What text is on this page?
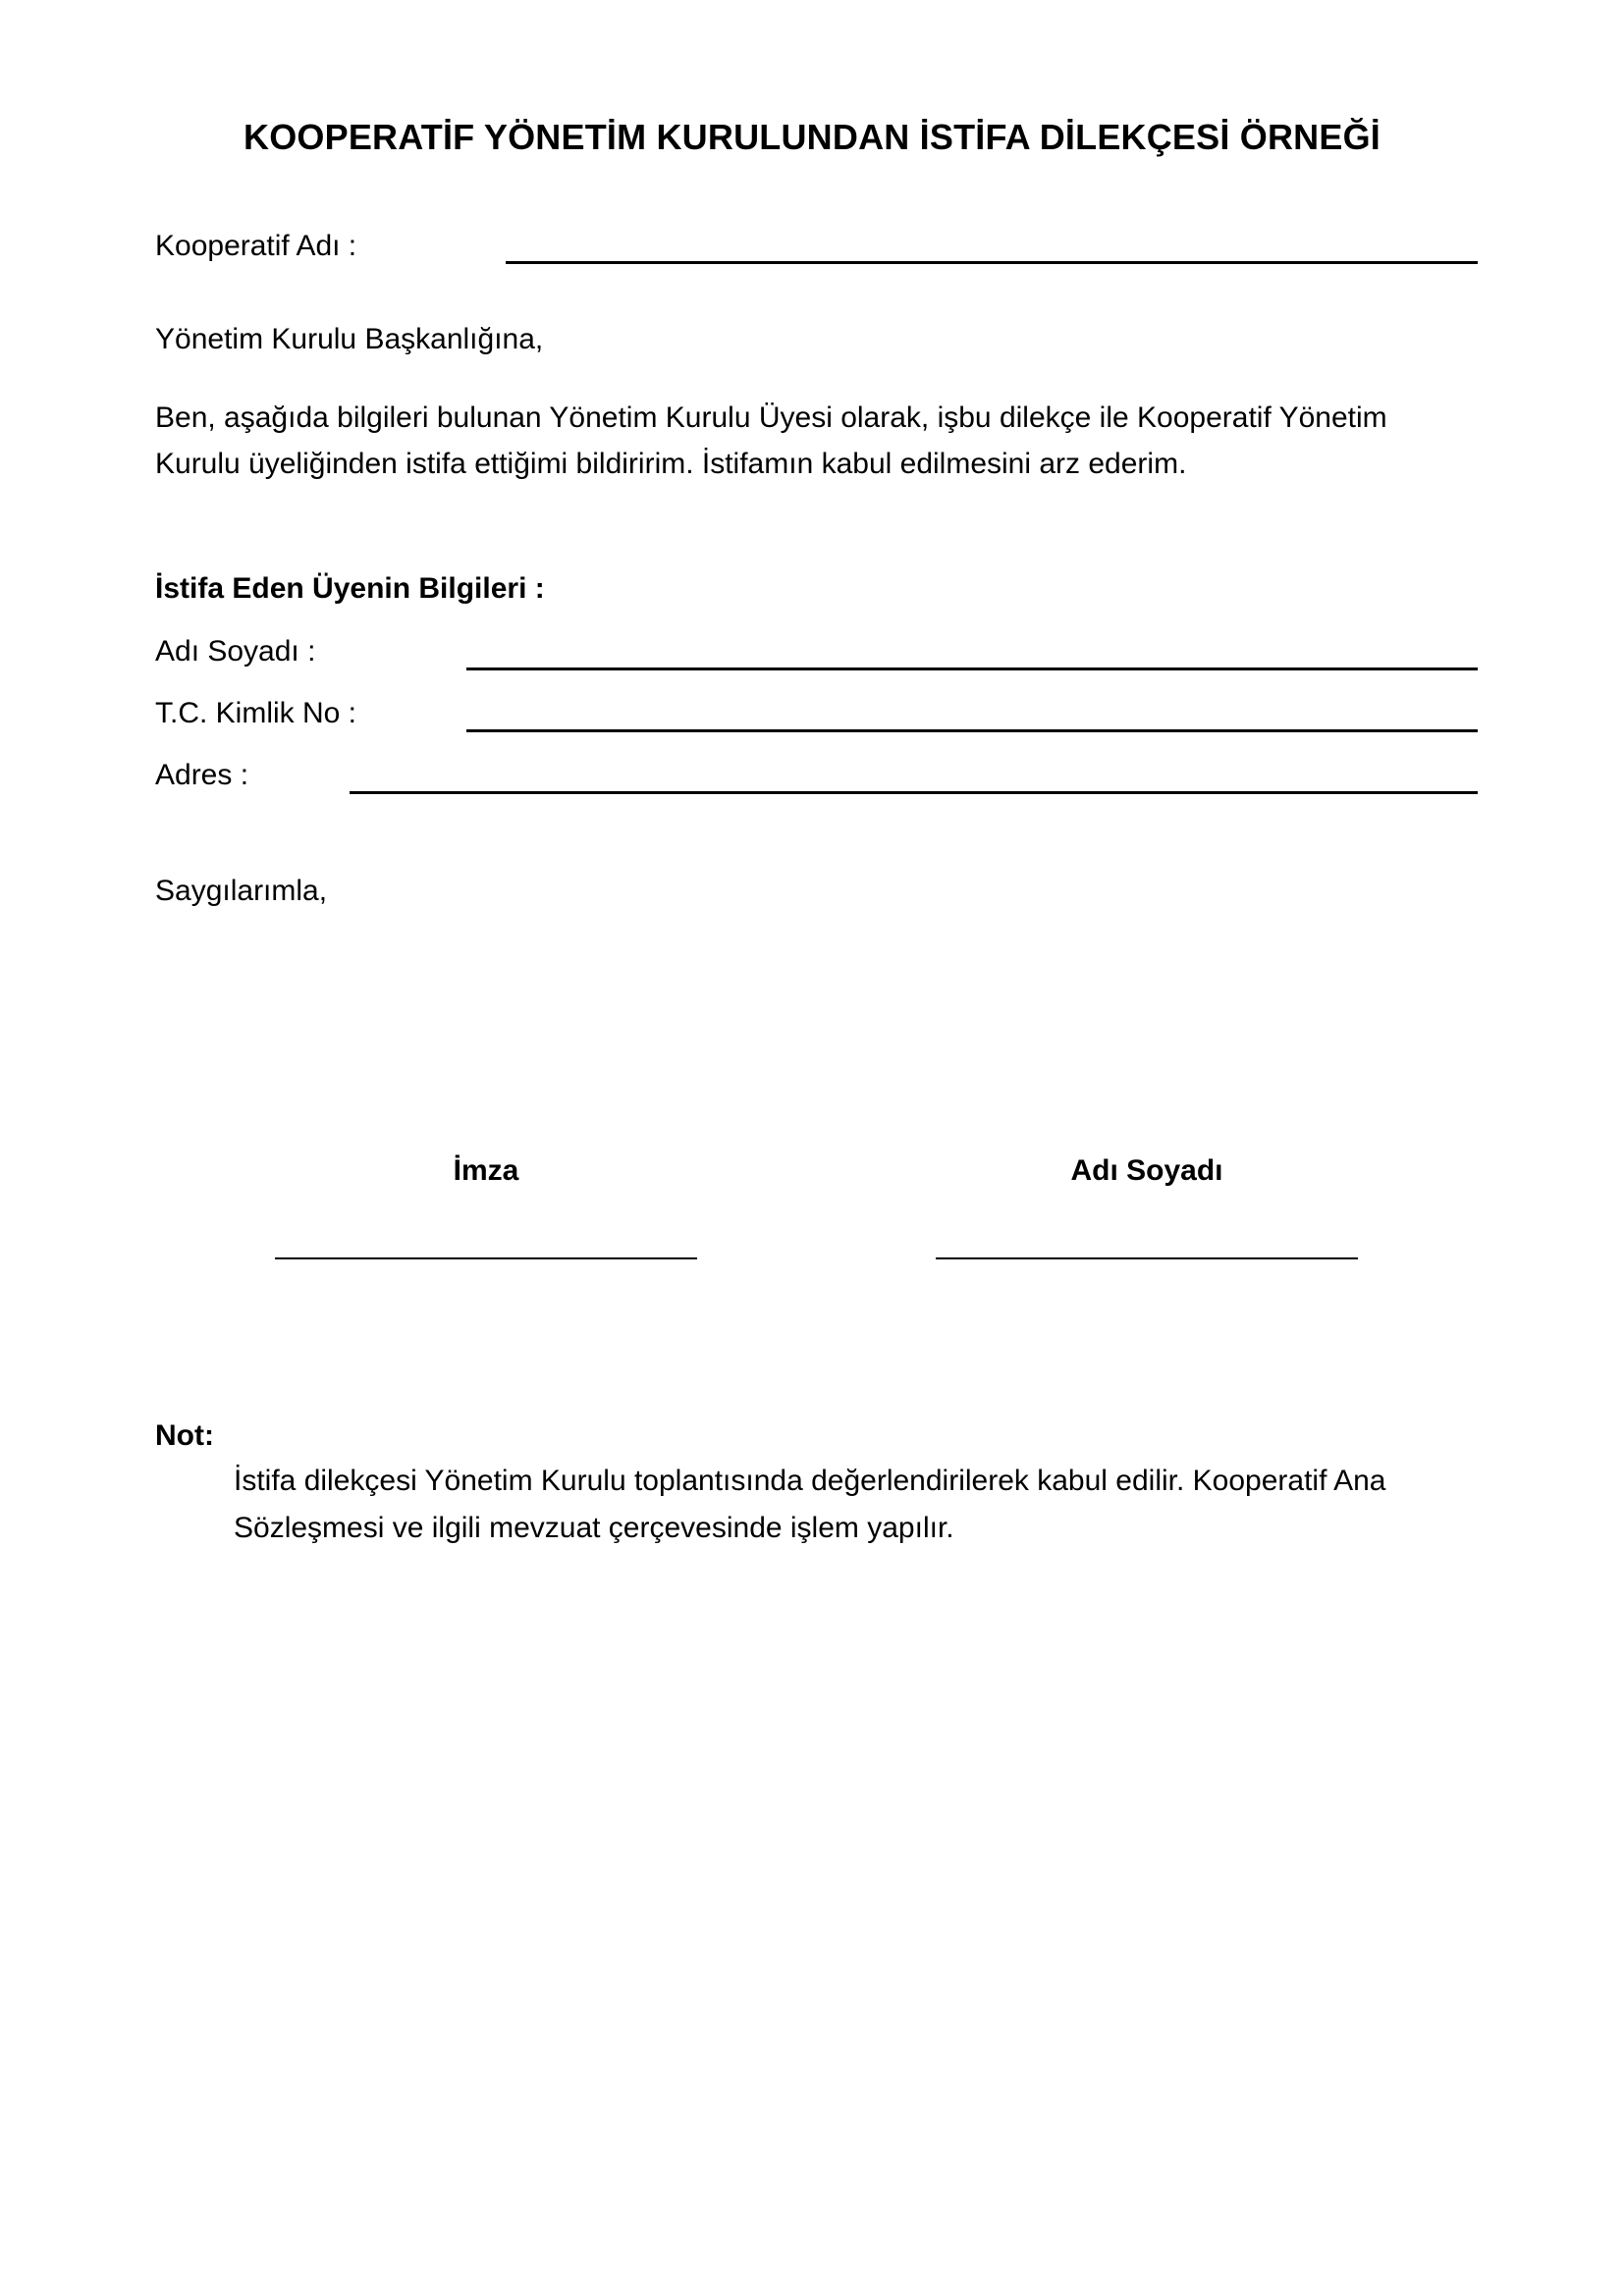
KOOPERATİF YÖNETİM KURULUNDAN İSTİFA DİLEKÇESİ ÖRNEĞİ
Kooperatif Adı :
Yönetim Kurulu Başkanlığına,
Ben, aşağıda bilgileri bulunan Yönetim Kurulu Üyesi olarak, işbu dilekçe ile Kooperatif Yönetim
Kurulu üyeliğinden istifa ettiğimi bildiririm. İstifamın kabul edilmesini arz ederim.
İstifa Eden Üyenin Bilgileri :
Adı Soyadı :
T.C. Kimlik No :
Adres :
Saygılarımla,
İmza	Adı Soyadı
Not:
İstifa dilekçesi Yönetim Kurulu toplantısında değerlendirilerek kabul edilir. Kooperatif Ana
Sözleşmesi ve ilgili mevzuat çerçevesinde işlem yapılır.
